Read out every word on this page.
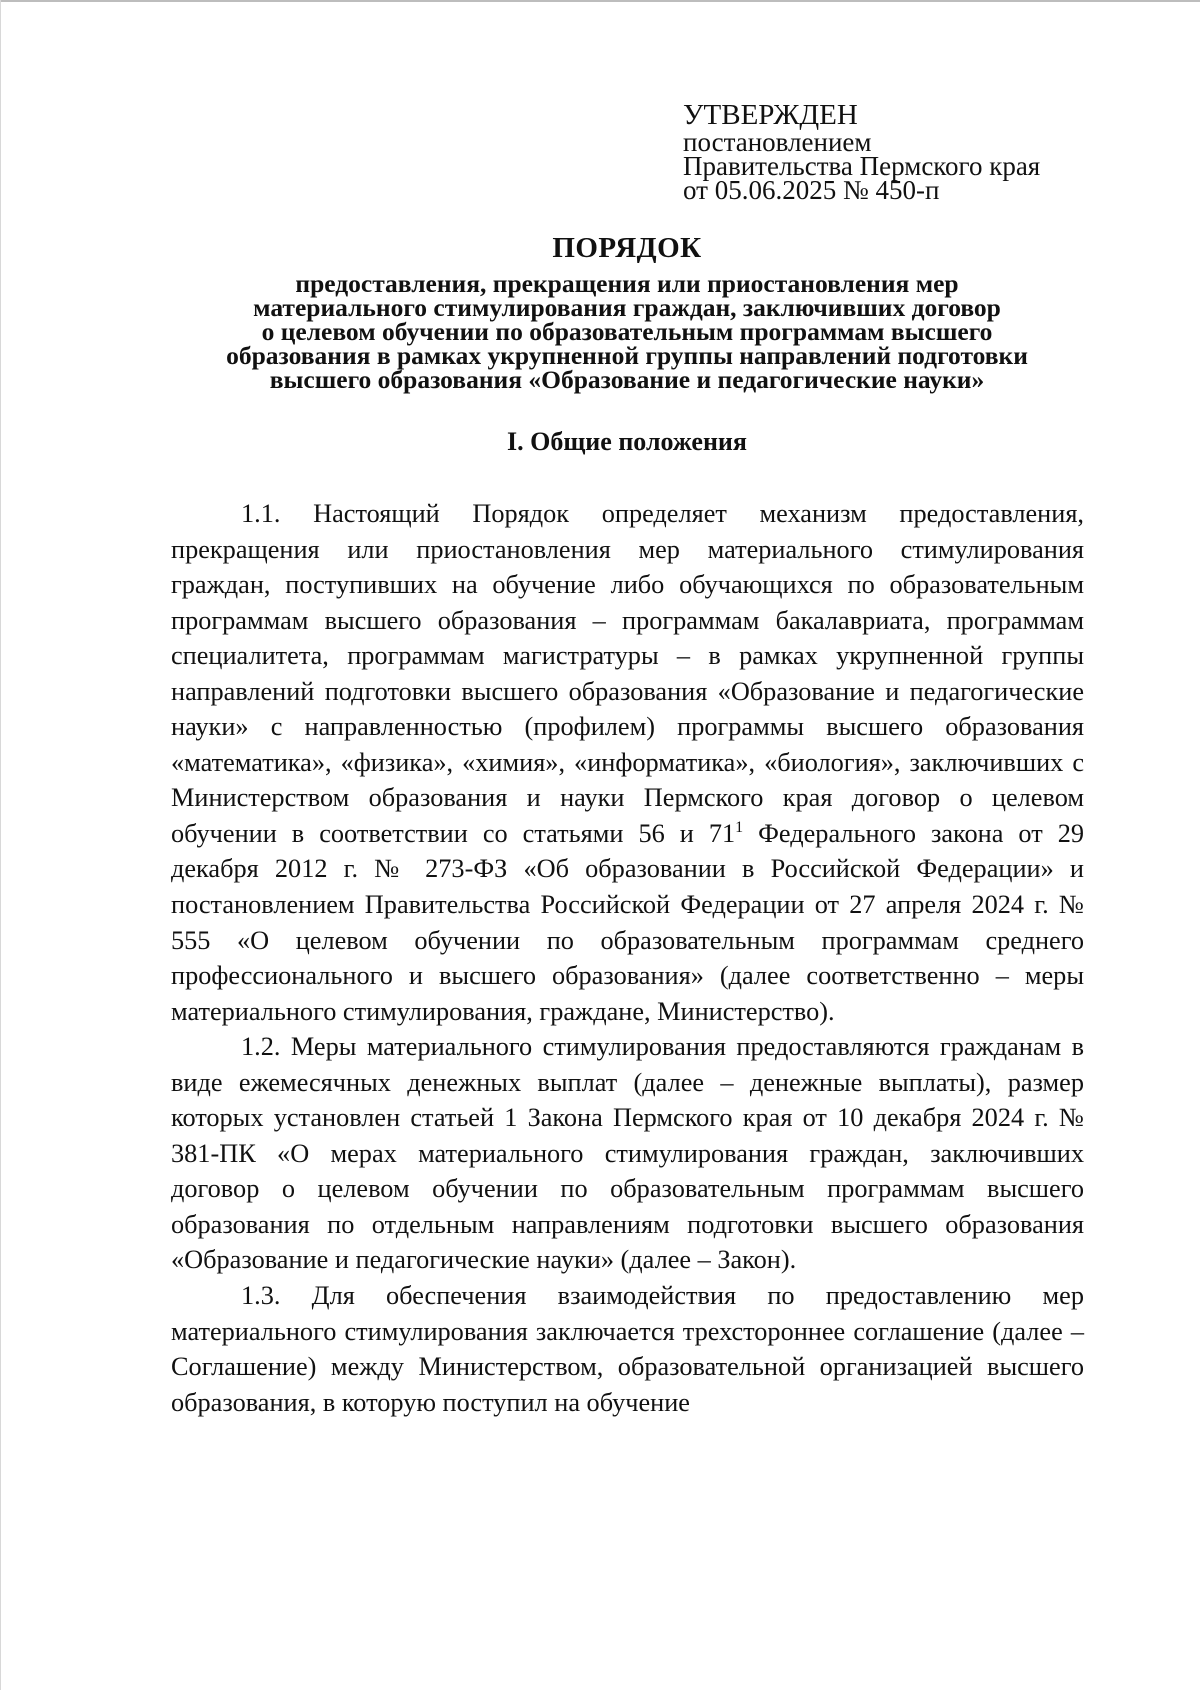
УТВЕРЖДЕН
постановлением
Правительства Пермского края
от 05.06.2025 № 450-п
ПОРЯДОК
предоставления, прекращения или приостановления мер
материального стимулирования граждан, заключивших договор
о целевом обучении по образовательным программам высшего
образования в рамках укрупненной группы направлений подготовки
высшего образования «Образование и педагогические науки»
I. Общие положения

1.1. Настоящий Порядок определяет механизм предоставления, прекращения или приостановления мер материального стимулирования граждан, поступивших на обучение либо обучающихся по образовательным программам высшего образования – программам бакалавриата, программам специалитета, программам магистратуры – в рамках укрупненной группы направлений подготовки высшего образования «Образование и педагогические науки» с направленностью (профилем) программы высшего образования «математика», «физика», «химия», «информатика», «биология», заключивших с Министерством образования и науки Пермского края договор о целевом обучении в соответствии со статьями 56 и $71^1$ Федерального закона от 29 декабря 2012 г. № 273-ФЗ «Об образовании в Российской Федерации» и постановлением Правительства Российской Федерации от 27 апреля 2024 г. № 555 «О целевом обучении по образовательным программам среднего профессионального и высшего образования» (далее соответственно – меры материального стимулирования, граждане, Министерство).

1.2. Меры материального стимулирования предоставляются гражданам в виде ежемесячных денежных выплат (далее – денежные выплаты), размер которых установлен статьей 1 Закона Пермского края от 10 декабря 2024 г. № 381-ПК «О мерах материального стимулирования граждан, заключивших договор о целевом обучении по образовательным программам высшего образования по отдельным направлениям подготовки высшего образования «Образование и педагогические науки» (далее – Закон).

1.3. Для обеспечения взаимодействия по предоставлению мер материального стимулирования заключается трехстороннее соглашение (далее – Соглашение) между Министерством, образовательной организацией высшего образования, в которую поступил на обучение
